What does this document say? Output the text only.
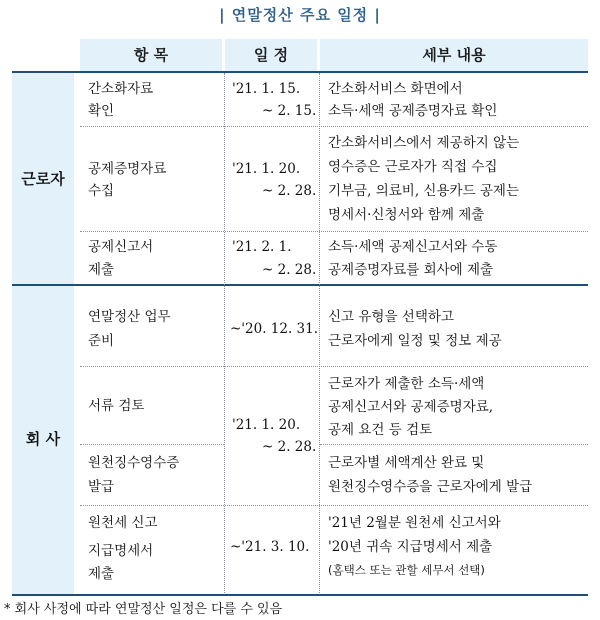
| 연말정산 주요 일정 |
항 목	일 정	세부 내용
근로자
회 사
간소화자료
확인
'21. 1. 15.
~ 2. 15.
간소화서비스 화면에서
소득·세액 공제증명자료 확인
공제증명자료
수집
'21. 1. 20.
~ 2. 28.
간소화서비스에서 제공하지 않는
영수증은 근로자가 직접 수집
기부금, 의료비, 신용카드 공제는
명세서·신청서와 함께 제출
공제신고서
제출
'21. 2. 1.
~ 2. 28.
소득·세액 공제신고서와 수동
공제증명자료를 회사에 제출
연말정산 업무
준비
~'20. 12. 31.
신고 유형을 선택하고
근로자에게 일정 및 정보 제공
서류 검토
'21. 1. 20.
~ 2. 28.
근로자가 제출한 소득·세액
공제신고서와 공제증명자료,
공제 요건 등 검토
원천징수영수증
발급
근로자별 세액계산 완료 및
원천징수영수증을 근로자에게 발급
원천세 신고
지급명세서
제출
~'21. 3. 10.
'21년 2월분 원천세 신고서와
'20년 귀속 지급명세서 제출
(홈택스 또는 관할 세무서 선택)
* 회사 사정에 따라 연말정산 일정은 다를 수 있음
